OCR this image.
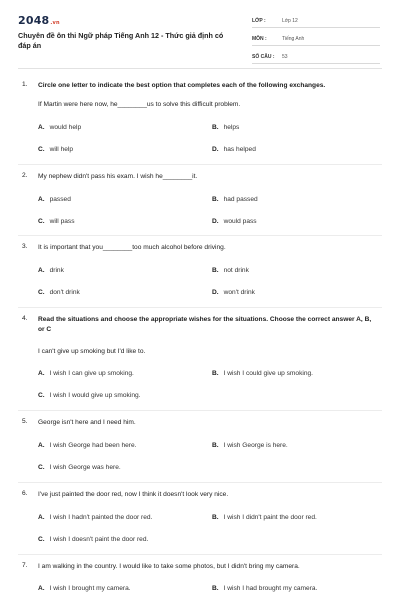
2048.vn
Chuyên đề ôn thi Ngữ pháp Tiếng Anh 12 - Thức giả định có đáp án
LỚP :	Lớp 12
MÔN :	Tiếng Anh
SỐ CÂU :	53
1. Circle one letter to indicate the best option that completes each of the following exchanges.
If Martin were here now, he________us to solve this difficult problem.
A. would help	B. helps
C. will help	D. has helped
2. My nephew didn't pass his exam. I wish he________it.
A. passed	B. had passed
C. will pass	D. would pass
3. It is important that you________too much alcohol before driving.
A. drink	B. not drink
C. don't drink	D. won't drink
4. Read the situations and choose the appropriate wishes for the situations. Choose the correct answer A, B, or C
I can't give up smoking but I'd like to.
A. I wish I can give up smoking.	B. I wish I could give up smoking.
C. I wish I would give up smoking.
5. George isn't here and I need him.
A. I wish George had been here.	B. I wish George is here.
C. I wish George was here.
6. I've just painted the door red, now I think it doesn't look very nice.
A. I wish I hadn't painted the door red.	B. I wish I didn't paint the door red.
C. I wish I doesn't paint the door red.
7. I am walking in the country. I would like to take some photos, but I didn't bring my camera.
A. I wish I brought my camera.	B. I wish I had brought my camera.
